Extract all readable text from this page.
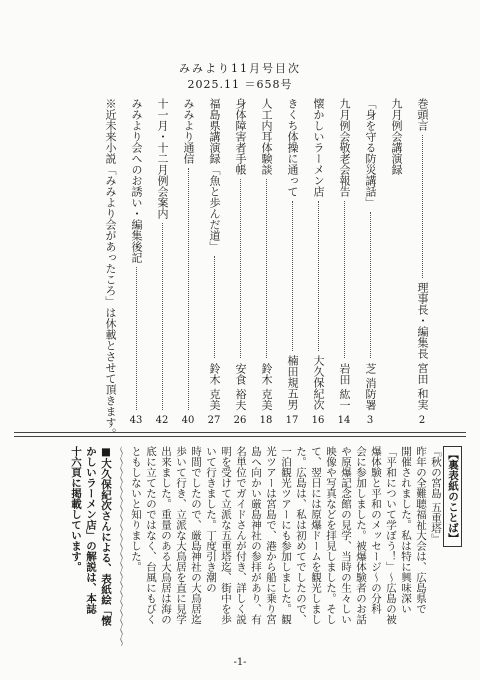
みみより11月号目次
2025.11 ＝658号
巻頭言
理事長・編集長 宮田 和実
2
九月例会講演録
「身を守る防災講話」
芝 消防署
3
九月例会敬老会報告
岩田 紘一
14
懐かしいラーメン店
大久保紀次
16
きくち体操に通って
楠田規五男
17
人工内耳体験談
鈴木 克美
18
身体障害者手帳
安食 裕夫
26
福島県講演録「魚と歩んだ道」
鈴木 克美
27
みみより通信
40
十一月・十二月例会案内
42
みみより会へのお誘い・編集後記
43
※近未来小説「みみより会があったころ」は休載とさせて頂きます。
【裏表紙のことば】
『秋の宮島 五重塔』
昨年の全難聴福祉大会は、広島県で
開催されました。私は特に興味深い
「平和について学ぼう！」〜広島の被
爆体験と平和のメッセージ〜の分科
会に参加しました。被爆体験者のお話
や原爆記念館の見学、当時の生々しい
映像や写真などを拝見しました。そし
て、翌日には原爆ドームを観光しまし
た。広島は、私は初めてでしたので、
一泊観光ツアーにも参加しました。観
光ツアーは宮島で、港から船に乗り宮
島へ向かい厳島神社の参拝があり、有
名単位でガイドさんが付き、詳しく説
明を受けて立派な五重塔迄、街中を歩
いて行きました。丁度引き潮の
時間でしたので、厳島神社の大鳥居迄
歩いて行き、立派な大鳥居を直に見学
出来ました。重量のある大鳥居は海の
底に立てたのではなく、台風にもびく
ともしないと知りました。
〜〜〜〜〜〜〜〜〜〜〜〜〜〜〜〜〜〜〜〜〜
■大久保紀次さんによる、表紙絵「懐
かしいラーメン店」の解説は、本誌
十六頁に掲載しています。
-1-
